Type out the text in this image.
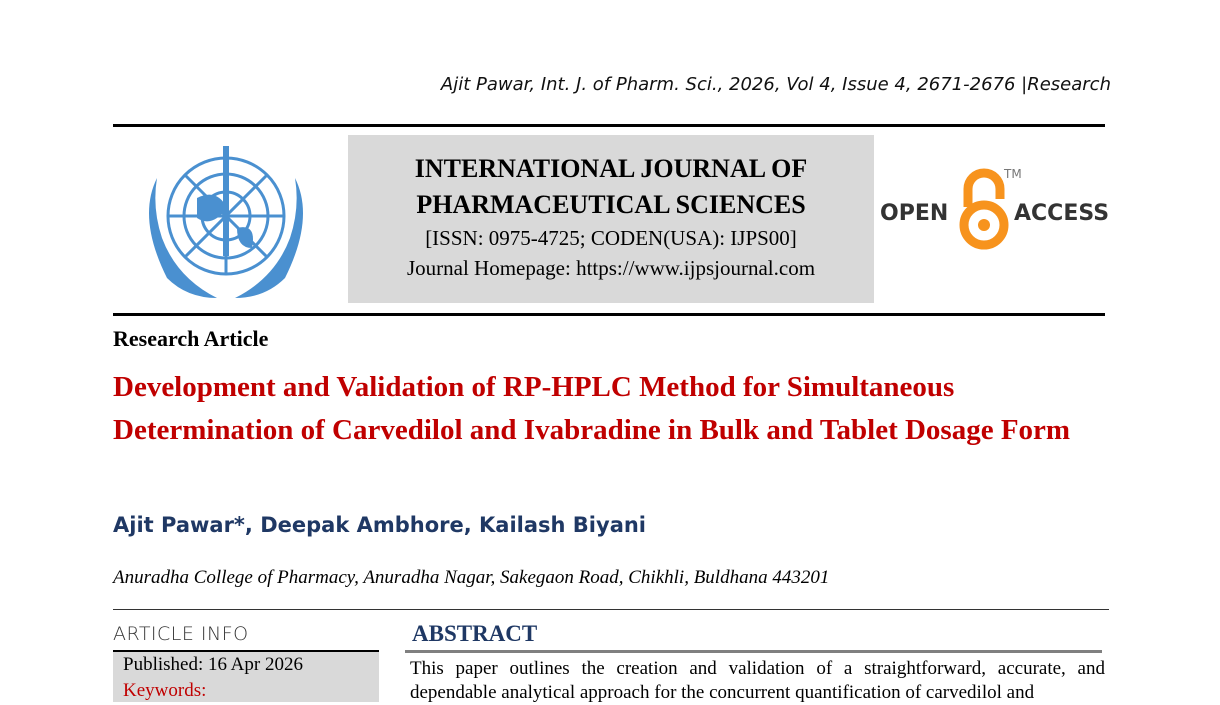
Ajit Pawar, Int. J. of Pharm. Sci., 2026, Vol 4, Issue 4, 2671-2676 |Research
INTERNATIONAL JOURNAL OF
PHARMACEUTICAL SCIENCES
[ISSN: 0975-4725; CODEN(USA): IJPS00]
Journal Homepage: https://www.ijpsjournal.com
OPEN
TM
ACCESS
Research Article
Development and Validation of RP-HPLC Method for Simultaneous Determination of Carvedilol and Ivabradine in Bulk and Tablet Dosage Form
Ajit Pawar*, Deepak Ambhore, Kailash Biyani
Anuradha College of Pharmacy, Anuradha Nagar, Sakegaon Road, Chikhli, Buldhana 443201
ARTICLE INFO
Published: 16 Apr 2026
Keywords:
ABSTRACT
This paper outlines the creation and validation of a straightforward, accurate, and dependable analytical approach for the concurrent quantification of carvedilol and
